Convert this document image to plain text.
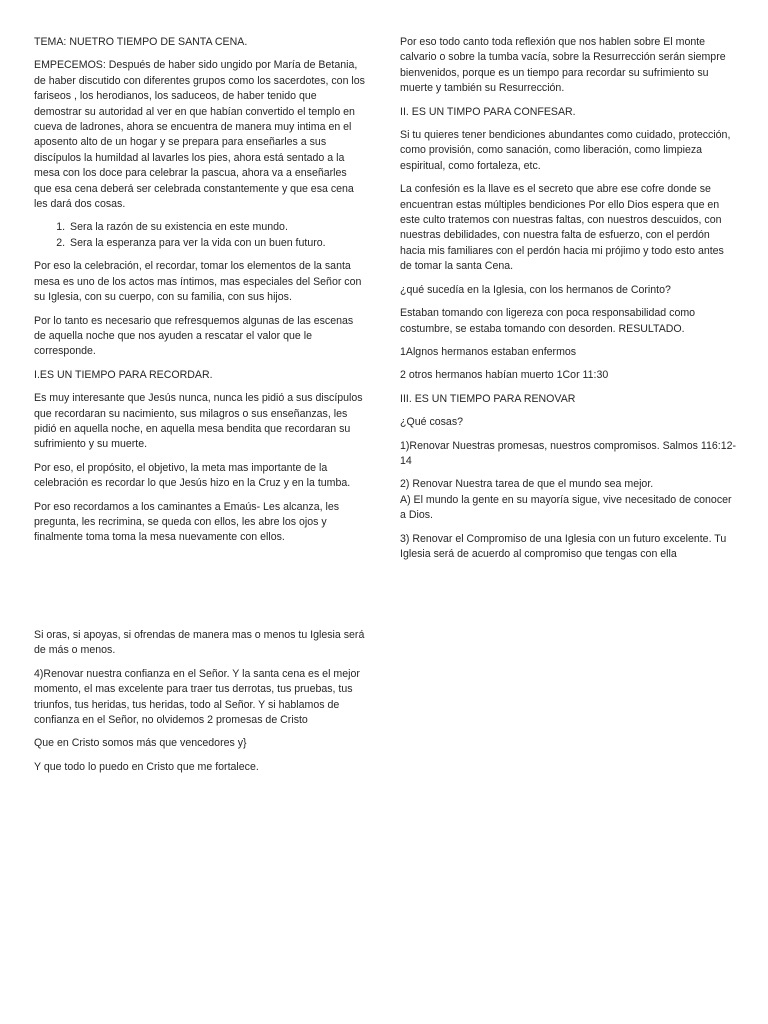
TEMA: NUETRO TIEMPO DE SANTA CENA.

EMPECEMOS: Después de haber sido ungido por María de Betania, de haber discutido con diferentes grupos como los sacerdotes, con los fariseos , los herodianos, los saduceos, de haber tenido que demostrar su autoridad al ver en que habían convertido el templo en cueva de ladrones, ahora se encuentra de manera muy intima en el aposento alto de un hogar y se prepara para enseñarles a sus discípulos la humildad al lavarles los pies, ahora está sentado a la mesa con los doce para celebrar la pascua, ahora va a enseñarles que esa cena deberá ser celebrada constantemente y que esa cena les dará dos cosas.

1. Sera la razón de su existencia en este mundo.
2. Sera la esperanza para ver la vida con un buen futuro.

Por eso la celebración, el recordar, tomar los elementos de la santa mesa es uno de los actos mas íntimos, mas especiales del Señor con su Iglesia, con su cuerpo, con su familia, con sus hijos.

Por lo tanto es necesario que refresquemos algunas de las escenas de aquella noche que nos ayuden a rescatar el valor que le corresponde.

I.ES UN TIEMPO PARA RECORDAR.

Es muy interesante que Jesús nunca, nunca les pidió a sus discípulos que recordaran su nacimiento, sus milagros o sus enseñanzas, les pidió en aquella noche, en aquella mesa bendita que recordaran su sufrimiento y su muerte.

Por eso, el propósito, el objetivo, la meta mas importante de la celebración es recordar lo que Jesús hizo en la Cruz y en la tumba.

Por eso recordamos a los caminantes a Emaús- Les alcanza, les pregunta, les recrimina, se queda con ellos, les abre los ojos y finalmente toma toma la mesa nuevamente con ellos.

Por eso todo canto toda reflexión que nos hablen sobre El monte calvario o sobre la tumba vacía, sobre la Resurrección serán siempre bienvenidos, porque es un tiempo para recordar su sufrimiento su muerte y también su Resurrección.

II. ES UN TIMPO PARA CONFESAR.

Si tu quieres tener bendiciones abundantes como cuidado, protección, como provisión, como sanación, como liberación, como limpieza espiritual, como fortaleza, etc.

La confesión es la llave es el secreto que abre ese cofre donde se encuentran estas múltiples bendiciones Por ello Dios espera que en este culto tratemos con nuestras faltas, con nuestros descuidos, con nuestras debilidades, con nuestra falta de esfuerzo, con el perdón hacia mis familiares con el perdón hacia mi prójimo y todo esto antes de tomar la santa Cena.

¿qué sucedía en la Iglesia, con los hermanos de Corinto?

Estaban tomando con ligereza con poca responsabilidad como costumbre, se estaba tomando con desorden. RESULTADO.

1Algnos hermanos estaban enfermos

2 otros hermanos habían muerto 1Cor 11:30

III. ES UN TIEMPO PARA RENOVAR

¿Qué cosas?

1)Renovar Nuestras promesas, nuestros compromisos. Salmos 116:12-14

2) Renovar Nuestra tarea de que el mundo sea mejor.
A) El mundo la gente en su mayoría sigue, vive necesitado de conocer a Dios.

3) Renovar el Compromiso de una Iglesia con un futuro excelente. Tu Iglesia será de acuerdo al compromiso que tengas con ella

Si oras, si apoyas, si ofrendas de manera mas o menos tu Iglesia será de más o menos.

4)Renovar nuestra confianza en el Señor. Y la santa cena es el mejor momento, el mas excelente para traer tus derrotas, tus pruebas, tus triunfos, tus heridas, tus heridas, todo al Señor. Y si hablamos de confianza en el Señor, no olvidemos 2 promesas de Cristo

Que en Cristo somos más que vencedores y}

Y que todo lo puedo en Cristo que me fortalece.
